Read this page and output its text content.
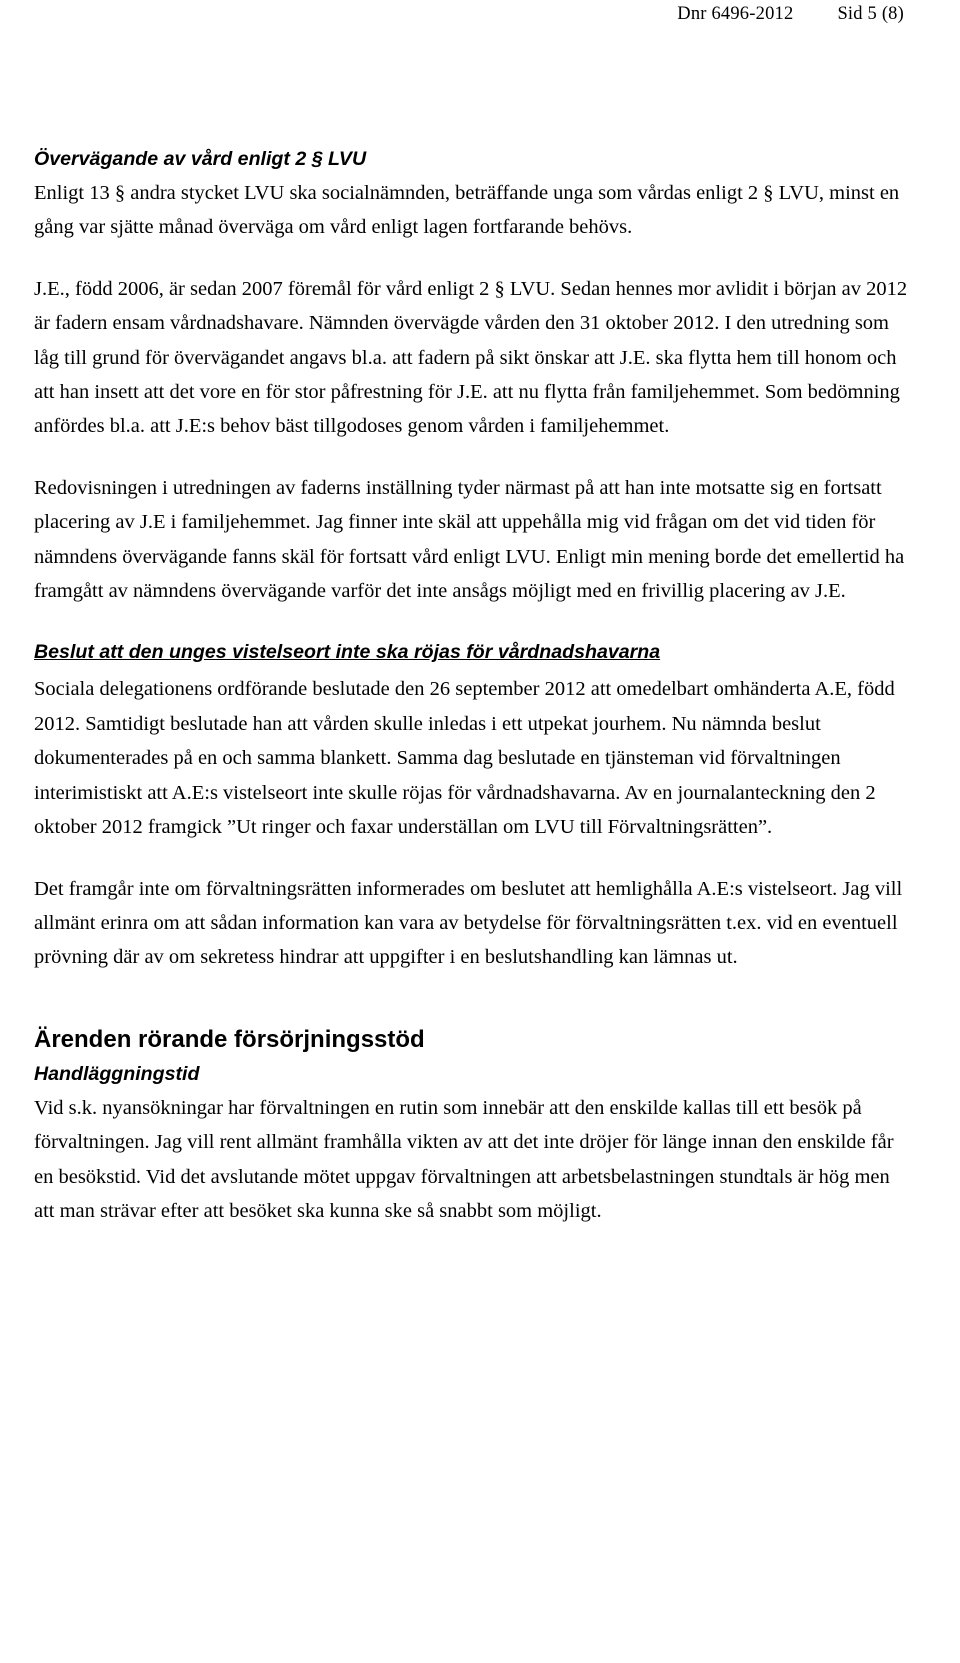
Dnr 6496-2012 Sid 5 (8)
Övervägande av vård enligt 2 § LVU

Enligt 13 § andra stycket LVU ska socialnämnden, beträffande unga som vårdas enligt 2 § LVU, minst en gång var sjätte månad överväga om vård enligt lagen fortfarande behövs.

J.E., född 2006, är sedan 2007 föremål för vård enligt 2 § LVU. Sedan hennes mor avlidit i början av 2012 är fadern ensam vårdnadshavare. Nämnden övervägde vården den 31 oktober 2012. I den utredning som låg till grund för övervägandet angavs bl.a. att fadern på sikt önskar att J.E. ska flytta hem till honom och att han insett att det vore en för stor påfrestning för J.E. att nu flytta från familjehemmet. Som bedömning anfördes bl.a. att J.E:s behov bäst tillgodoses genom vården i familjehemmet.

Redovisningen i utredningen av faderns inställning tyder närmast på att han inte motsatte sig en fortsatt placering av J.E i familjehemmet. Jag finner inte skäl att uppehålla mig vid frågan om det vid tiden för nämndens övervägande fanns skäl för fortsatt vård enligt LVU. Enligt min mening borde det emellertid ha framgått av nämndens övervägande varför det inte ansågs möjligt med en frivillig placering av J.E.

Beslut att den unges vistelseort inte ska röjas för vårdnadshavarna

Sociala delegationens ordförande beslutade den 26 september 2012 att omedelbart omhänderta A.E, född 2012. Samtidigt beslutade han att vården skulle inledas i ett utpekat jourhem. Nu nämnda beslut dokumenterades på en och samma blankett. Samma dag beslutade en tjänsteman vid förvaltningen interimistiskt att A.E:s vistelseort inte skulle röjas för vårdnadshavarna. Av en journalanteckning den 2 oktober 2012 framgick ”Ut ringer och faxar underställan om LVU till Förvaltningsrätten”.

Det framgår inte om förvaltningsrätten informerades om beslutet att hemlighålla A.E:s vistelseort. Jag vill allmänt erinra om att sådan information kan vara av betydelse för förvaltningsrätten t.ex. vid en eventuell prövning där av om sekretess hindrar att uppgifter i en beslutshandling kan lämnas ut.

Ärenden rörande försörjningsstöd
Handläggningstid

Vid s.k. nyansökningar har förvaltningen en rutin som innebär att den enskilde kallas till ett besök på förvaltningen. Jag vill rent allmänt framhålla vikten av att det inte dröjer för länge innan den enskilde får en besökstid. Vid det avslutande mötet uppgav förvaltningen att arbetsbelastningen stundtals är hög men att man strävar efter att besöket ska kunna ske så snabbt som möjligt.
